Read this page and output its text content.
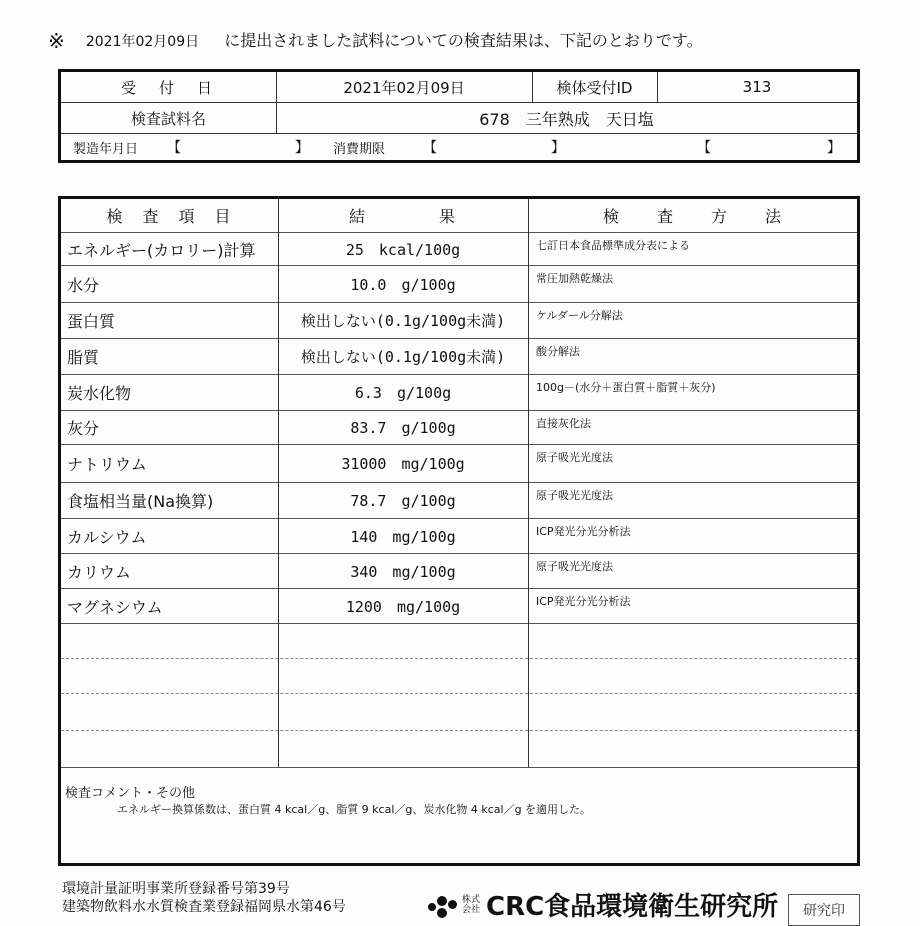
※ 2021年02月09日 に提出されました試料についての検査結果は、下記のとおりです。
受　付　日	2021年02月09日	検体受付ID	313
検査試料名	678　三年熟成　天日塩
製造年月日 【	】 消費期限	【	】	【	】
検　査　項　目	結　　　　果	検　　査　　方　　法
エネルギー(カロリー)計算	25　kcal/100g	七訂日本食品標準成分表による
水分	10.0　g/100g	常圧加熱乾燥法
蛋白質	検出しない(0.1g/100g未満)	ケルダール分解法
脂質	検出しない(0.1g/100g未満)	酸分解法
炭水化物	6.3　g/100g	100g－(水分＋蛋白質＋脂質＋灰分)
灰分	83.7　g/100g	直接灰化法
ナトリウム	31000　mg/100g	原子吸光光度法
食塩相当量(Na換算)	78.7　g/100g	原子吸光光度法
カルシウム	140　mg/100g	ICP発光分光分析法
カリウム	340　mg/100g	原子吸光光度法
マグネシウム	1200　mg/100g	ICP発光分光分析法
検査コメント・その他
エネルギー換算係数は、蛋白質 4 kcal／g、脂質 9 kcal／g、炭水化物 4 kcal／g を適用した。
環境計量証明事業所登録番号第39号
建築物飲料水水質検査業登録福岡県水第46号	株式会社 CRC食品環境衛生研究所	研究印
